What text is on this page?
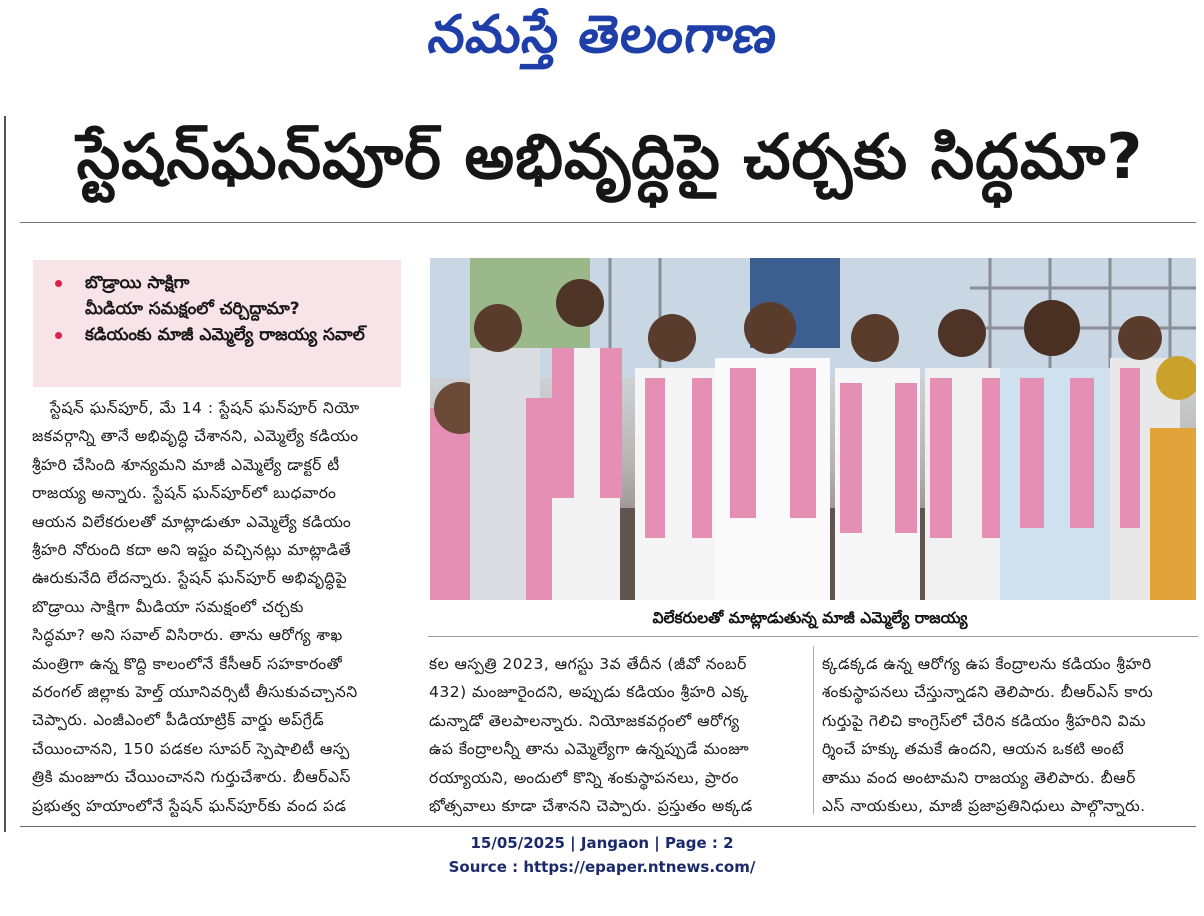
నమస్తే తెలంగాణ
స్టేషన్‌ఘన్‌పూర్ అభివృద్ధిపై చర్చకు సిద్ధమా?
బొడ్రాయి సాక్షిగా
మీడియా సమక్షంలో చర్చిద్దామా?
కడియంకు మాజీ ఎమ్మెల్యే రాజయ్య సవాల్
స్టేషన్ ఘన్‌పూర్, మే 14 : స్టేషన్ ఘన్‌పూర్ నియో
జకవర్గాన్ని తానే అభివృద్ధి చేశానని, ఎమ్మెల్యే కడియం
శ్రీహరి చేసింది శూన్యమని మాజీ ఎమ్మెల్యే డాక్టర్ టీ
రాజయ్య అన్నారు. స్టేషన్ ఘన్‌పూర్‌లో బుధవారం
ఆయన విలేకరులతో మాట్లాడుతూ ఎమ్మెల్యే కడియం
శ్రీహరి నోరుంది కదా అని ఇష్టం వచ్చినట్లు మాట్లాడితే
ఊరుకునేది లేదన్నారు. స్టేషన్ ఘన్‌పూర్ అభివృద్ధిపై
బొడ్రాయి సాక్షిగా మీడియా సమక్షంలో చర్చకు
సిద్ధమా? అని సవాల్ విసిరారు. తాను ఆరోగ్య శాఖ
మంత్రిగా ఉన్న కొద్ది కాలంలోనే కేసీఆర్ సహకారంతో
వరంగల్ జిల్లాకు హెల్త్ యూనివర్సిటీ తీసుకువచ్చానని
చెప్పారు. ఎంజీఎంలో పీడియాట్రిక్ వార్డు అప్‌గ్రేడ్
చేయించానని, 150 పడకల సూపర్ స్పెషాలిటీ ఆస్ప
త్రికి మంజూరు చేయించానని గుర్తుచేశారు. బీఆర్‌ఎస్
ప్రభుత్వ హయాంలోనే స్టేషన్ ఘన్‌పూర్‌కు వంద పడ
విలేకరులతో మాట్లాడుతున్న మాజీ ఎమ్మెల్యే రాజయ్య
కల ఆస్పత్రి 2023, ఆగస్టు 3వ తేదీన (జీవో నంబర్
432) మంజూరైందని, అప్పుడు కడియం శ్రీహరి ఎక్క
డున్నాడో తెలపాలన్నారు. నియోజకవర్గంలో ఆరోగ్య
ఉప కేంద్రాలన్నీ తాను ఎమ్మెల్యేగా ఉన్నప్పుడే మంజూ
రయ్యాయని, అందులో కొన్ని శంకుస్థాపనలు, ప్రారం
భోత్సవాలు కూడా చేశానని చెప్పారు. ప్రస్తుతం అక్కడ
క్కడక్కడ ఉన్న ఆరోగ్య ఉప కేంద్రాలను కడియం శ్రీహరి
శంకుస్థాపనలు చేస్తున్నాడని తెలిపారు. బీఆర్‌ఎస్ కారు
గుర్తుపై గెలిచి కాంగ్రెస్‌లో చేరిన కడియం శ్రీహరిని విమ
ర్శించే హక్కు తమకే ఉందని, ఆయన ఒకటి అంటే
తాము వంద అంటామని రాజయ్య తెలిపారు. బీఆర్
ఎస్ నాయకులు, మాజీ ప్రజాప్రతినిధులు పాల్గొన్నారు.
15/05/2025 | Jangaon | Page : 2
Source : https://epaper.ntnews.com/
